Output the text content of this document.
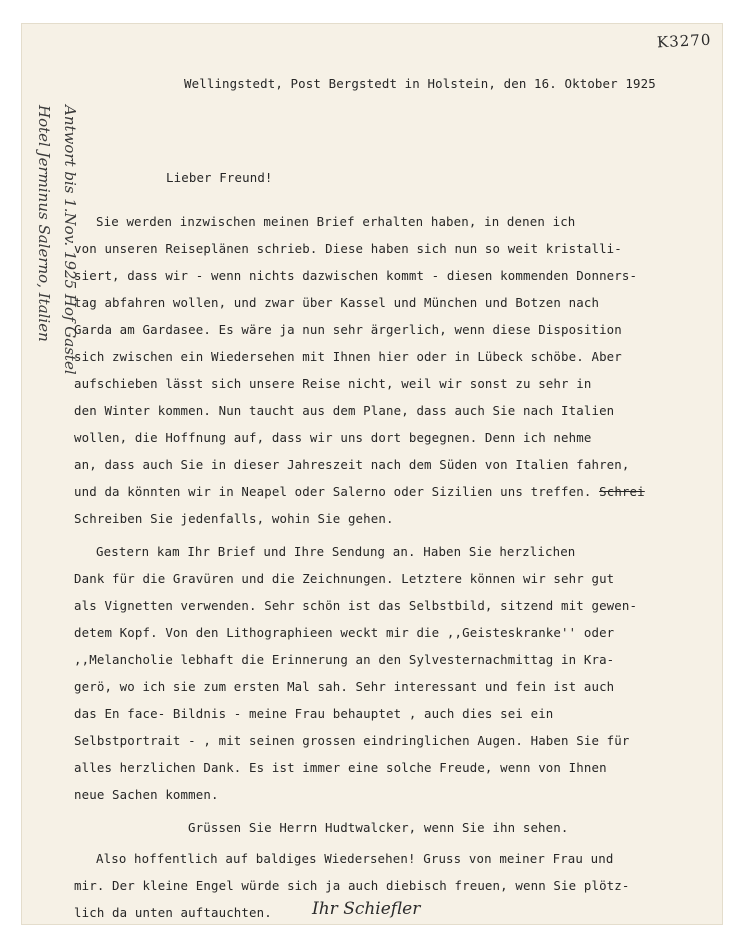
K3270
Antwort bis 1.Nov. 1925 Hof Gastel
Hotel Jerminus Salerno, Italien
Wellingstedt, Post Bergstedt in Holstein, den 16. Oktober 1925
Lieber Freund!
Sie werden inzwischen meinen Brief erhalten haben, in denen ich
von unseren Reiseplänen schrieb. Diese haben sich nun so weit kristalli-
siert, dass wir - wenn nichts dazwischen kommt - diesen kommenden Donners-
tag abfahren wollen, und zwar über Kassel und München und Botzen nach
Garda am Gardasee. Es wäre ja nun sehr ärgerlich, wenn diese Disposition
sich zwischen ein Wiedersehen mit Ihnen hier oder in Lübeck schöbe. Aber
aufschieben lässt sich unsere Reise nicht, weil wir sonst zu sehr in
den Winter kommen. Nun taucht aus dem Plane, dass auch Sie nach Italien
wollen, die Hoffnung auf, dass wir uns dort begegnen. Denn ich nehme
an, dass auch Sie in dieser Jahreszeit nach dem Süden von Italien fahren,
und da könnten wir in Neapel oder Salerno oder Sizilien uns treffen. Schrei
Schreiben Sie jedenfalls, wohin Sie gehen.
Gestern kam Ihr Brief und Ihre Sendung an. Haben Sie herzlichen
Dank für die Gravüren und die Zeichnungen. Letztere können wir sehr gut
als Vignetten verwenden. Sehr schön ist das Selbstbild, sitzend mit gewen-
detem Kopf. Von den Lithographieen weckt mir die ,,Geisteskranke'' oder
,,Melancholie lebhaft die Erinnerung an den Sylvesternachmittag in Kra-
gerö, wo ich sie zum ersten Mal sah. Sehr interessant und fein ist auch
das En face- Bildnis - meine Frau behauptet , auch dies sei ein
Selbstportrait - , mit seinen grossen eindringlichen Augen. Haben Sie für
alles herzlichen Dank. Es ist immer eine solche Freude, wenn von Ihnen
neue Sachen kommen.
Grüssen Sie Herrn Hudtwalcker, wenn Sie ihn sehen.
Also hoffentlich auf baldiges Wiedersehen! Gruss von meiner Frau und
mir. Der kleine Engel würde sich ja auch diebisch freuen, wenn Sie plötz-
lich da unten auftauchten. Ihr Schiefler
